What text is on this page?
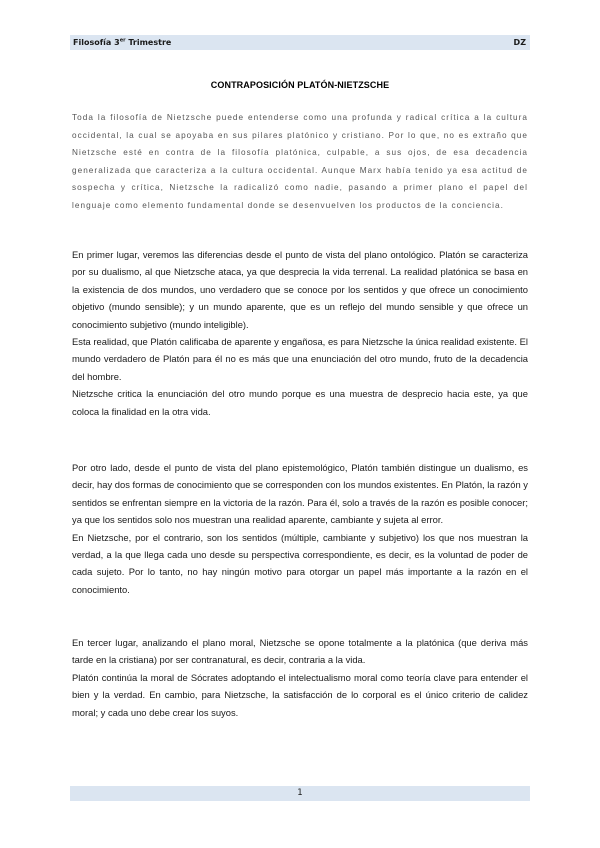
Filosofía 3er Trimestre	DZ
CONTRAPOSICIÓN PLATÓN-NIETZSCHE

Toda la filosofía de Nietzsche puede entenderse como una profunda y radical crítica a la cultura occidental, la cual se apoyaba en sus pilares platónico y cristiano. Por lo que, no es extraño que Nietzsche esté en contra de la filosofía platónica, culpable, a sus ojos, de esa decadencia generalizada que caracteriza a la cultura occidental. Aunque Marx había tenido ya esa actitud de sospecha y crítica, Nietzsche la radicalizó como nadie, pasando a primer plano el papel del lenguaje como elemento fundamental donde se desenvuelven los productos de la conciencia.

En primer lugar, veremos las diferencias desde el punto de vista del plano ontológico. Platón se caracteriza por su dualismo, al que Nietzsche ataca, ya que desprecia la vida terrenal. La realidad platónica se basa en la existencia de dos mundos, uno verdadero que se conoce por los sentidos y que ofrece un conocimiento objetivo (mundo sensible); y un mundo aparente, que es un reflejo del mundo sensible y que ofrece un conocimiento subjetivo (mundo inteligible).

Esta realidad, que Platón calificaba de aparente y engañosa, es para Nietzsche la única realidad existente. El mundo verdadero de Platón para él no es más que una enunciación del otro mundo, fruto de la decadencia del hombre.

Nietzsche critica la enunciación del otro mundo porque es una muestra de desprecio hacia este, ya que coloca la finalidad en la otra vida.

Por otro lado, desde el punto de vista del plano epistemológico, Platón también distingue un dualismo, es decir, hay dos formas de conocimiento que se corresponden con los mundos existentes. En Platón, la razón y sentidos se enfrentan siempre en la victoria de la razón. Para él, solo a través de la razón es posible conocer; ya que los sentidos solo nos muestran una realidad aparente, cambiante y sujeta al error.

En Nietzsche, por el contrario, son los sentidos (múltiple, cambiante y subjetivo) los que nos muestran la verdad, a la que llega cada uno desde su perspectiva correspondiente, es decir, es la voluntad de poder de cada sujeto. Por lo tanto, no hay ningún motivo para otorgar un papel más importante a la razón en el conocimiento.

En tercer lugar, analizando el plano moral, Nietzsche se opone totalmente a la platónica (que deriva más tarde en la cristiana) por ser contranatural, es decir, contraria a la vida.

Platón continúa la moral de Sócrates adoptando el intelectualismo moral como teoría clave para entender el bien y la verdad. En cambio, para Nietzsche, la satisfacción de lo corporal es el único criterio de calidez moral; y cada uno debe crear los suyos.

1
